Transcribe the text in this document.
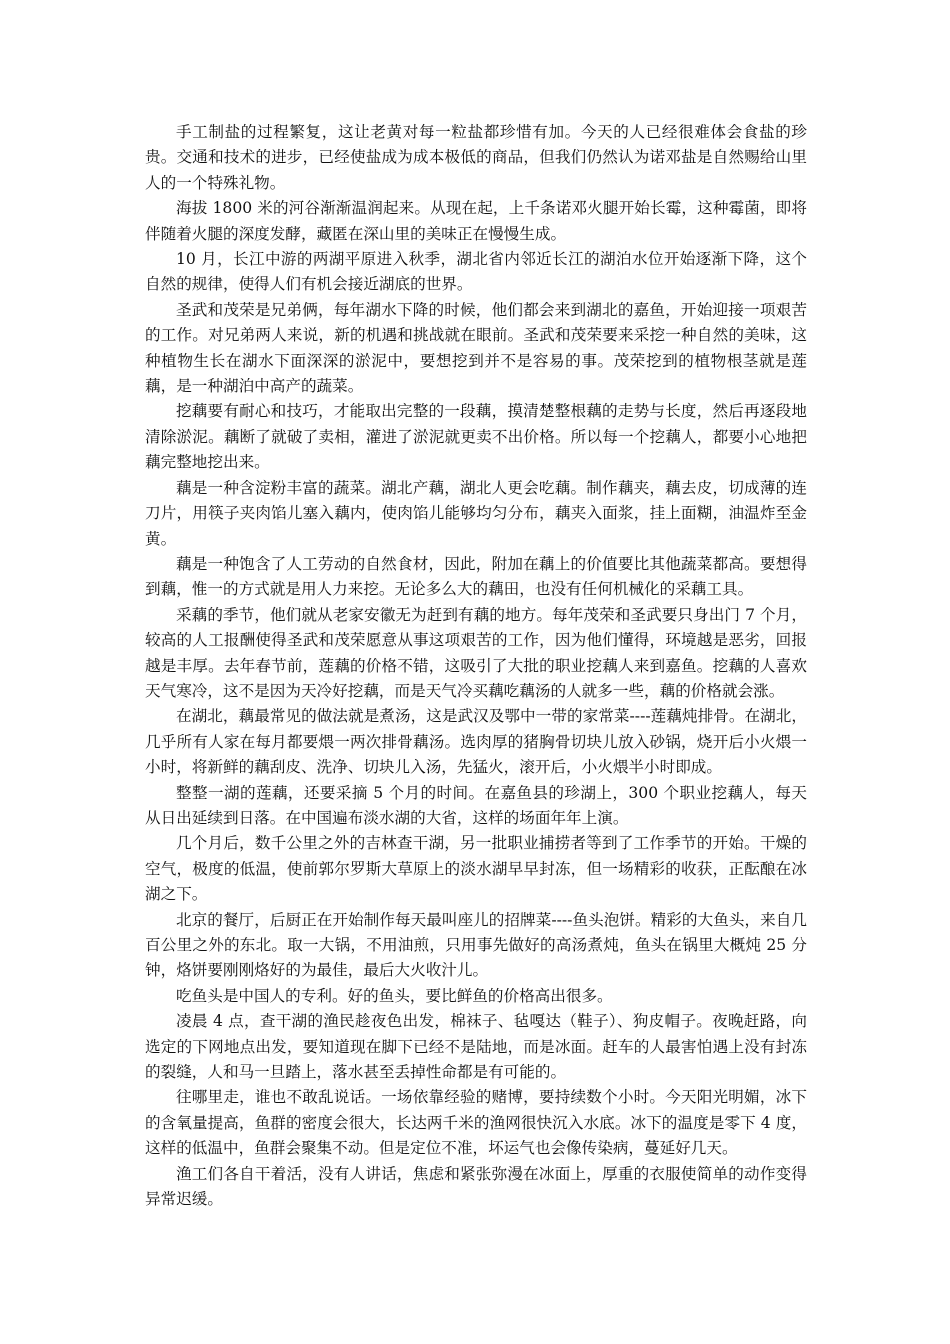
手工制盐的过程繁复，这让老黄对每一粒盐都珍惜有加。今天的人已经很难体会食盐的珍贵。交通和技术的进步，已经使盐成为成本极低的商品，但我们仍然认为诺邓盐是自然赐给山里人的一个特殊礼物。

海拔 1800 米的河谷渐渐温润起来。从现在起，上千条诺邓火腿开始长霉，这种霉菌，即将伴随着火腿的深度发酵，藏匿在深山里的美味正在慢慢生成。

10 月，长江中游的两湖平原进入秋季，湖北省内邻近长江的湖泊水位开始逐渐下降，这个自然的规律，使得人们有机会接近湖底的世界。

圣武和茂荣是兄弟俩，每年湖水下降的时候，他们都会来到湖北的嘉鱼，开始迎接一项艰苦的工作。对兄弟两人来说，新的机遇和挑战就在眼前。圣武和茂荣要来采挖一种自然的美味，这种植物生长在湖水下面深深的淤泥中，要想挖到并不是容易的事。茂荣挖到的植物根茎就是莲藕，是一种湖泊中高产的蔬菜。

挖藕要有耐心和技巧，才能取出完整的一段藕，摸清楚整根藕的走势与长度，然后再逐段地清除淤泥。藕断了就破了卖相，灌进了淤泥就更卖不出价格。所以每一个挖藕人，都要小心地把藕完整地挖出来。

藕是一种含淀粉丰富的蔬菜。湖北产藕，湖北人更会吃藕。制作藕夹，藕去皮，切成薄的连刀片，用筷子夹肉馅儿塞入藕内，使肉馅儿能够均匀分布，藕夹入面浆，挂上面糊，油温炸至金黄。

藕是一种饱含了人工劳动的自然食材，因此，附加在藕上的价值要比其他蔬菜都高。要想得到藕，惟一的方式就是用人力来挖。无论多么大的藕田，也没有任何机械化的采藕工具。

采藕的季节，他们就从老家安徽无为赶到有藕的地方。每年茂荣和圣武要只身出门 7 个月，较高的人工报酬使得圣武和茂荣愿意从事这项艰苦的工作，因为他们懂得，环境越是恶劣，回报越是丰厚。去年春节前，莲藕的价格不错，这吸引了大批的职业挖藕人来到嘉鱼。挖藕的人喜欢天气寒冷，这不是因为天冷好挖藕，而是天气冷买藕吃藕汤的人就多一些，藕的价格就会涨。

在湖北，藕最常见的做法就是煮汤，这是武汉及鄂中一带的家常菜----莲藕炖排骨。在湖北，几乎所有人家在每月都要煨一两次排骨藕汤。选肉厚的猪胸骨切块儿放入砂锅，烧开后小火煨一小时，将新鲜的藕刮皮、洗净、切块儿入汤，先猛火，滚开后，小火煨半小时即成。

整整一湖的莲藕，还要采摘 5 个月的时间。在嘉鱼县的珍湖上，300 个职业挖藕人，每天从日出延续到日落。在中国遍布淡水湖的大省，这样的场面年年上演。

几个月后，数千公里之外的吉林查干湖，另一批职业捕捞者等到了工作季节的开始。干燥的空气，极度的低温，使前郭尔罗斯大草原上的淡水湖早早封冻，但一场精彩的收获，正酝酿在冰湖之下。

北京的餐厅，后厨正在开始制作每天最叫座儿的招牌菜----鱼头泡饼。精彩的大鱼头，来自几百公里之外的东北。取一大锅，不用油煎，只用事先做好的高汤煮炖，鱼头在锅里大概炖 25 分钟，烙饼要刚刚烙好的为最佳，最后大火收汁儿。

吃鱼头是中国人的专利。好的鱼头，要比鲜鱼的价格高出很多。

凌晨 4 点，查干湖的渔民趁夜色出发，棉袜子、毡嘎达（鞋子）、狗皮帽子。夜晚赶路，向选定的下网地点出发，要知道现在脚下已经不是陆地，而是冰面。赶车的人最害怕遇上没有封冻的裂缝，人和马一旦踏上，落水甚至丢掉性命都是有可能的。

往哪里走，谁也不敢乱说话。一场依靠经验的赌博，要持续数个小时。今天阳光明媚，冰下的含氧量提高，鱼群的密度会很大，长达两千米的渔网很快沉入水底。冰下的温度是零下 4 度，这样的低温中，鱼群会聚集不动。但是定位不准，坏运气也会像传染病，蔓延好几天。

渔工们各自干着活，没有人讲话，焦虑和紧张弥漫在冰面上，厚重的衣服使简单的动作变得异常迟缓。
